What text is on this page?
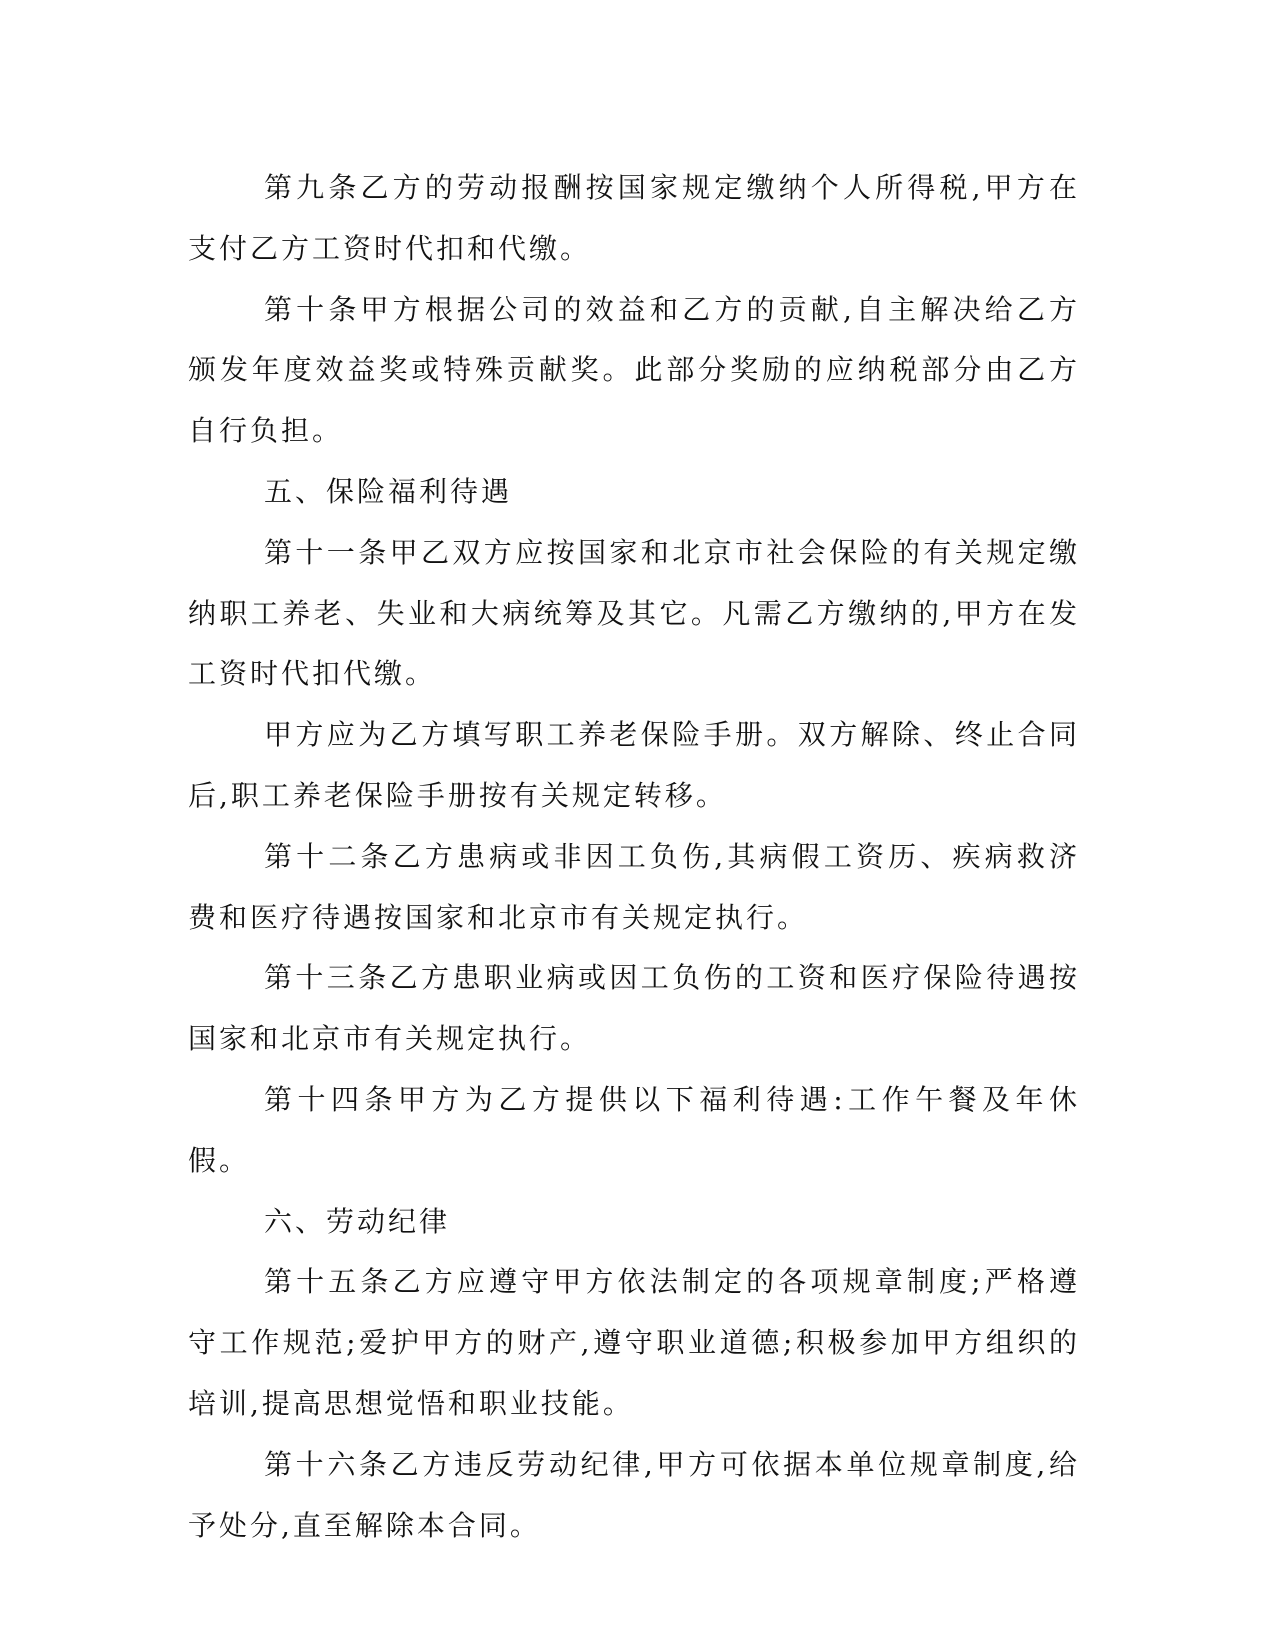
第九条乙方的劳动报酬按国家规定缴纳个人所得税,甲方在支付乙方工资时代扣和代缴。

第十条甲方根据公司的效益和乙方的贡献,自主解决给乙方颁发年度效益奖或特殊贡献奖。此部分奖励的应纳税部分由乙方自行负担。

五、保险福利待遇

第十一条甲乙双方应按国家和北京市社会保险的有关规定缴纳职工养老、失业和大病统筹及其它。凡需乙方缴纳的,甲方在发工资时代扣代缴。

甲方应为乙方填写职工养老保险手册。双方解除、终止合同后,职工养老保险手册按有关规定转移。

第十二条乙方患病或非因工负伤,其病假工资历、疾病救济费和医疗待遇按国家和北京市有关规定执行。

第十三条乙方患职业病或因工负伤的工资和医疗保险待遇按国家和北京市有关规定执行。

第十四条甲方为乙方提供以下福利待遇:工作午餐及年休假。

六、劳动纪律

第十五条乙方应遵守甲方依法制定的各项规章制度;严格遵守工作规范;爱护甲方的财产,遵守职业道德;积极参加甲方组织的培训,提高思想觉悟和职业技能。

第十六条乙方违反劳动纪律,甲方可依据本单位规章制度,给予处分,直至解除本合同。
